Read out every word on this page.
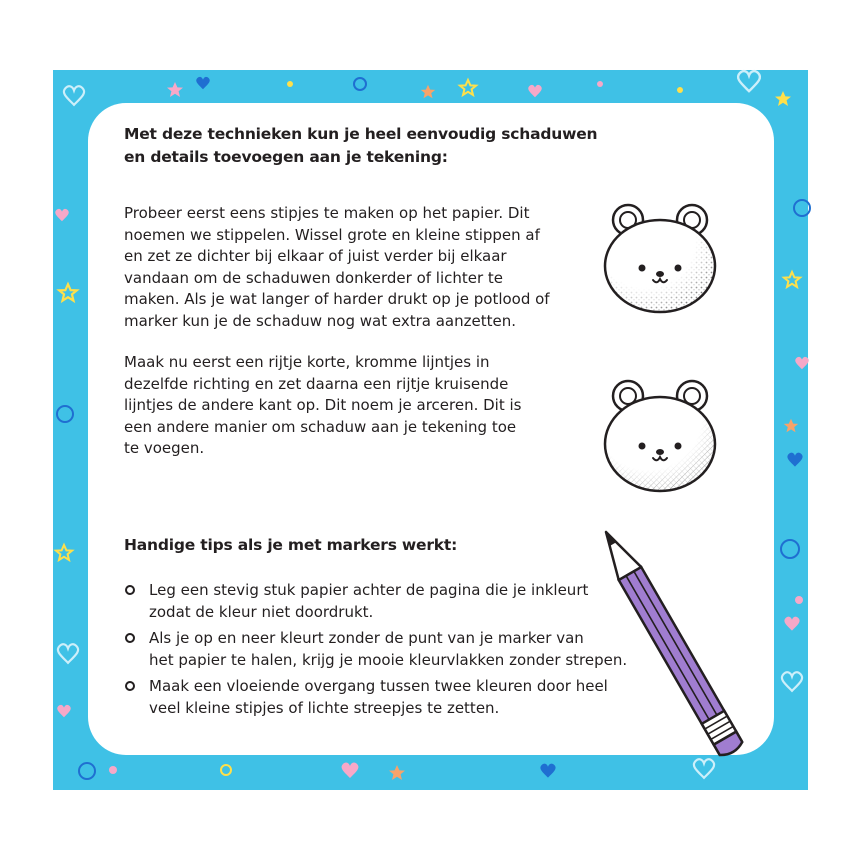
Met deze technieken kun je heel eenvoudig schaduwen
en details toevoegen aan je tekening:

Probeer eerst eens stipjes te maken op het papier. Dit
noemen we stippelen. Wissel grote en kleine stippen af
en zet ze dichter bij elkaar of juist verder bij elkaar
vandaan om de schaduwen donkerder of lichter te
maken. Als je wat langer of harder drukt op je potlood of
marker kun je de schaduw nog wat extra aanzetten.

Maak nu eerst een rijtje korte, kromme lijntjes in
dezelfde richting en zet daarna een rijtje kruisende
lijntjes de andere kant op. Dit noem je arceren. Dit is
een andere manier om schaduw aan je tekening toe
te voegen.

Handige tips als je met markers werkt:
Leg een stevig stuk papier achter de pagina die je inkleurt
zodat de kleur niet doordrukt.
Als je op en neer kleurt zonder de punt van je marker van
het papier te halen, krijg je mooie kleurvlakken zonder strepen.
Maak een vloeiende overgang tussen twee kleuren door heel
veel kleine stipjes of lichte streepjes te zetten.
